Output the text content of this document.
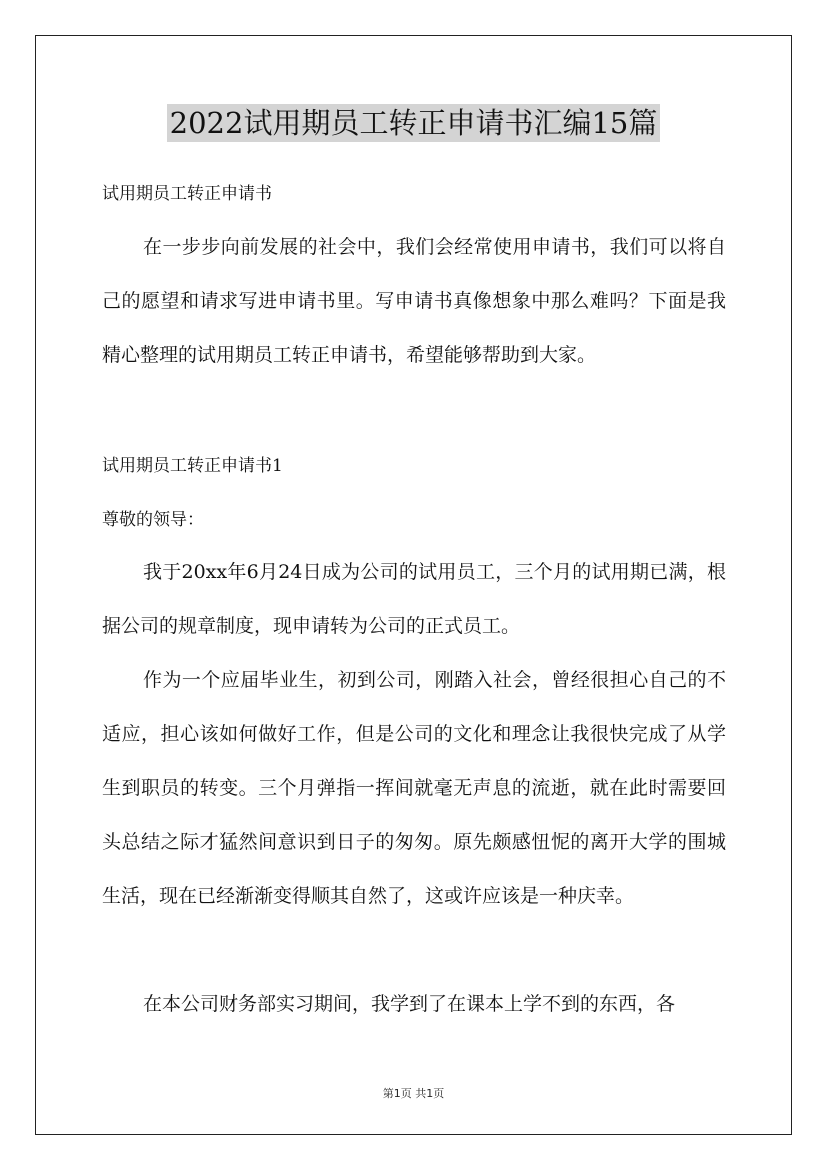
2022试用期员工转正申请书汇编15篇
试用期员工转正申请书

在一步步向前发展的社会中，我们会经常使用申请书，我们可以将自己的愿望和请求写进申请书里。写申请书真像想象中那么难吗？下面是我精心整理的试用期员工转正申请书，希望能够帮助到大家。

试用期员工转正申请书1
尊敬的领导：

我于20xx年6月24日成为公司的试用员工，三个月的试用期已满，根据公司的规章制度，现申请转为公司的正式员工。

作为一个应届毕业生，初到公司，刚踏入社会，曾经很担心自己的不适应，担心该如何做好工作，但是公司的文化和理念让我很快完成了从学生到职员的转变。三个月弹指一挥间就毫无声息的流逝，就在此时需要回头总结之际才猛然间意识到日子的匆匆。原先颇感忸怩的离开大学的围城生活，现在已经渐渐变得顺其自然了，这或许应该是一种庆幸。

在本公司财务部实习期间，我学到了在课本上学不到的东西，各

第1页 共1页
